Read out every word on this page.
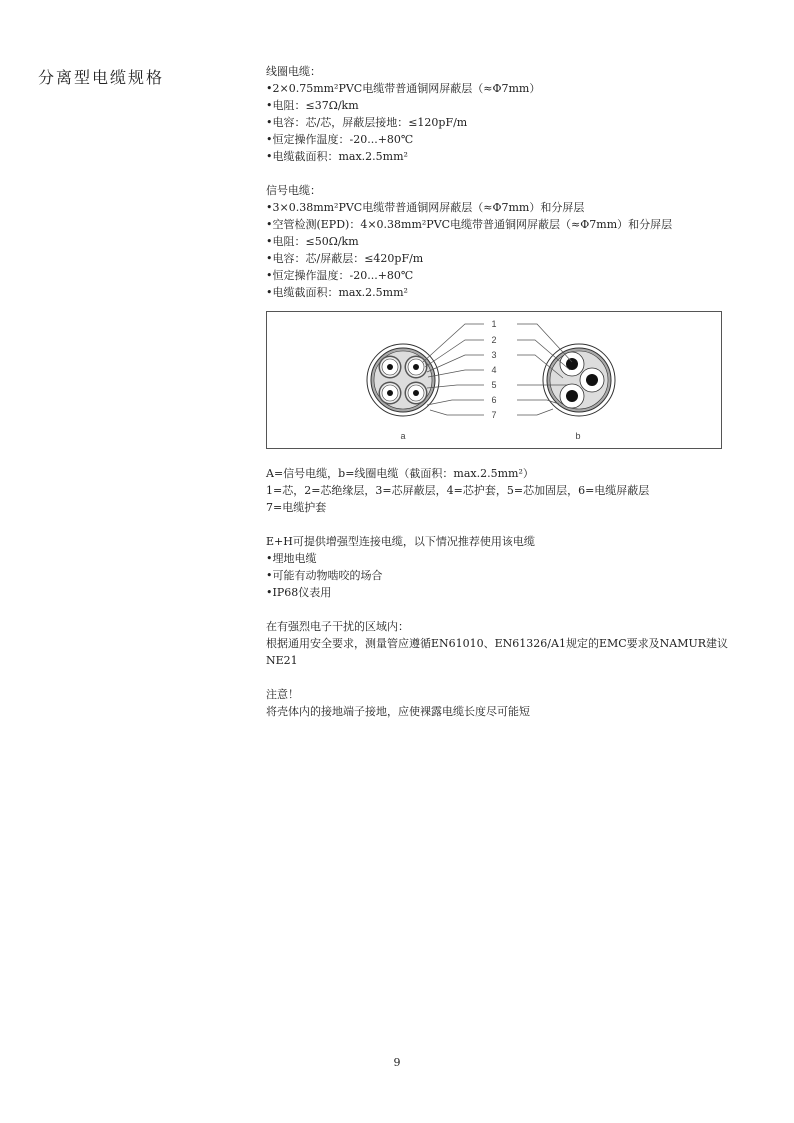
分离型电缆规格	线圈电缆：

•2×0.75mm²PVC电缆带普通铜网屏蔽层（≈Φ7mm）

•电阻：≤37Ω/km

•电容：芯/芯，屏蔽层接地：≤120pF/m

•恒定操作温度：-20...+80℃

•电缆截面积：max.2.5mm²

信号电缆：

•3×0.38mm²PVC电缆带普通铜网屏蔽层（≈Φ7mm）和分屏层

•空管检测(EPD)：4×0.38mm²PVC电缆带普通铜网屏蔽层（≈Φ7mm）和分屏层

•电阻：≤50Ω/km

•电容：芯/屏蔽层：≤420pF/m

•恒定操作温度：-20...+80℃

•电缆截面积：max.2.5mm²

1
2
3
4
5
6
7
a	b

A=信号电缆，b=线圈电缆（截面积：max.2.5mm²）

1=芯，2=芯绝缘层，3=芯屏蔽层，4=芯护套，5=芯加固层，6=电缆屏蔽层

7=电缆护套

E+H可提供增强型连接电缆，以下情况推荐使用该电缆

•埋地电缆

•可能有动物啮咬的场合

•IP68仪表用

在有强烈电子干扰的区域内：

根据通用安全要求，测量管应遵循EN61010、EN61326/A1规定的EMC要求及NAMUR建议

NE21

注意！

将壳体内的接地端子接地，应使裸露电缆长度尽可能短

9
